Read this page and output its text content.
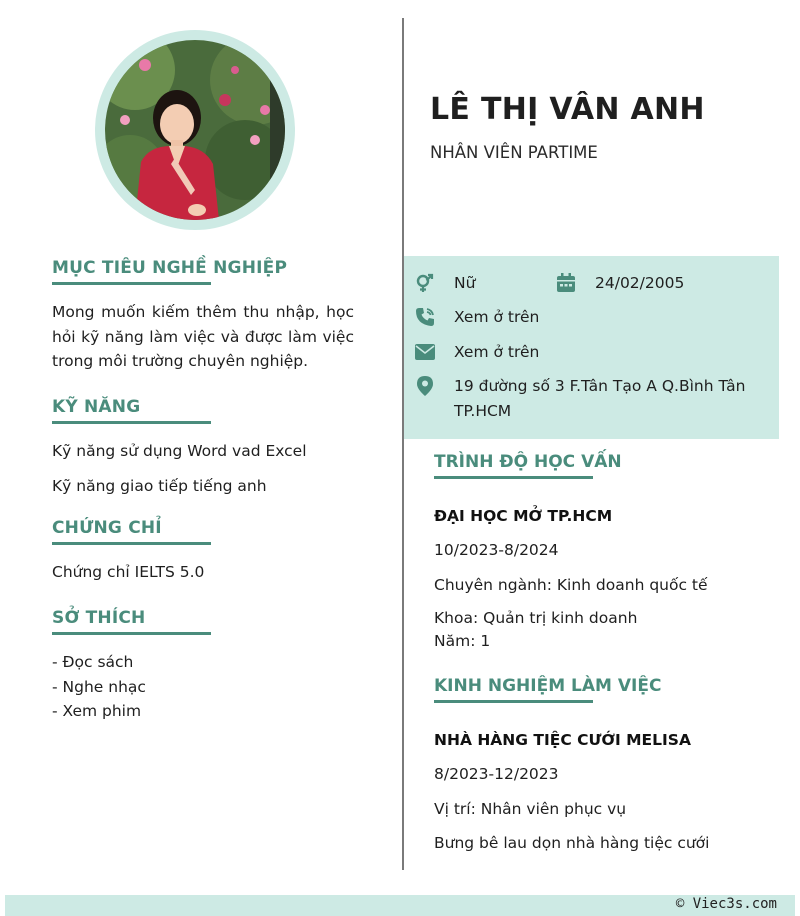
LÊ THỊ VÂN ANH
NHÂN VIÊN PARTIME
MỤC TIÊU NGHỀ NGHIỆP
Mong muốn kiếm thêm thu nhập, học hỏi kỹ năng làm việc và được làm việc trong môi trường chuyên nghiệp.
KỸ NĂNG
Kỹ năng sử dụng Word vad Excel
Kỹ năng giao tiếp tiếng anh
CHỨNG CHỈ
Chứng chỉ IELTS 5.0
SỞ THÍCH
- Đọc sách
- Nghe nhạc
- Xem phim
Nữ	24/02/2005
Xem ở trên
Xem ở trên
19 đường số 3 F.Tân Tạo A Q.Bình Tân TP.HCM
TRÌNH ĐỘ HỌC VẤN
ĐẠI HỌC MỞ TP.HCM
10/2023-8/2024
Chuyên ngành: Kinh doanh quốc tế
Khoa: Quản trị kinh doanh
Năm: 1
KINH NGHIỆM LÀM VIỆC
NHÀ HÀNG TIỆC CƯỚI MELISA
8/2023-12/2023
Vị trí: Nhân viên phục vụ
Bưng bê lau dọn nhà hàng tiệc cưới
© Viec3s.com
